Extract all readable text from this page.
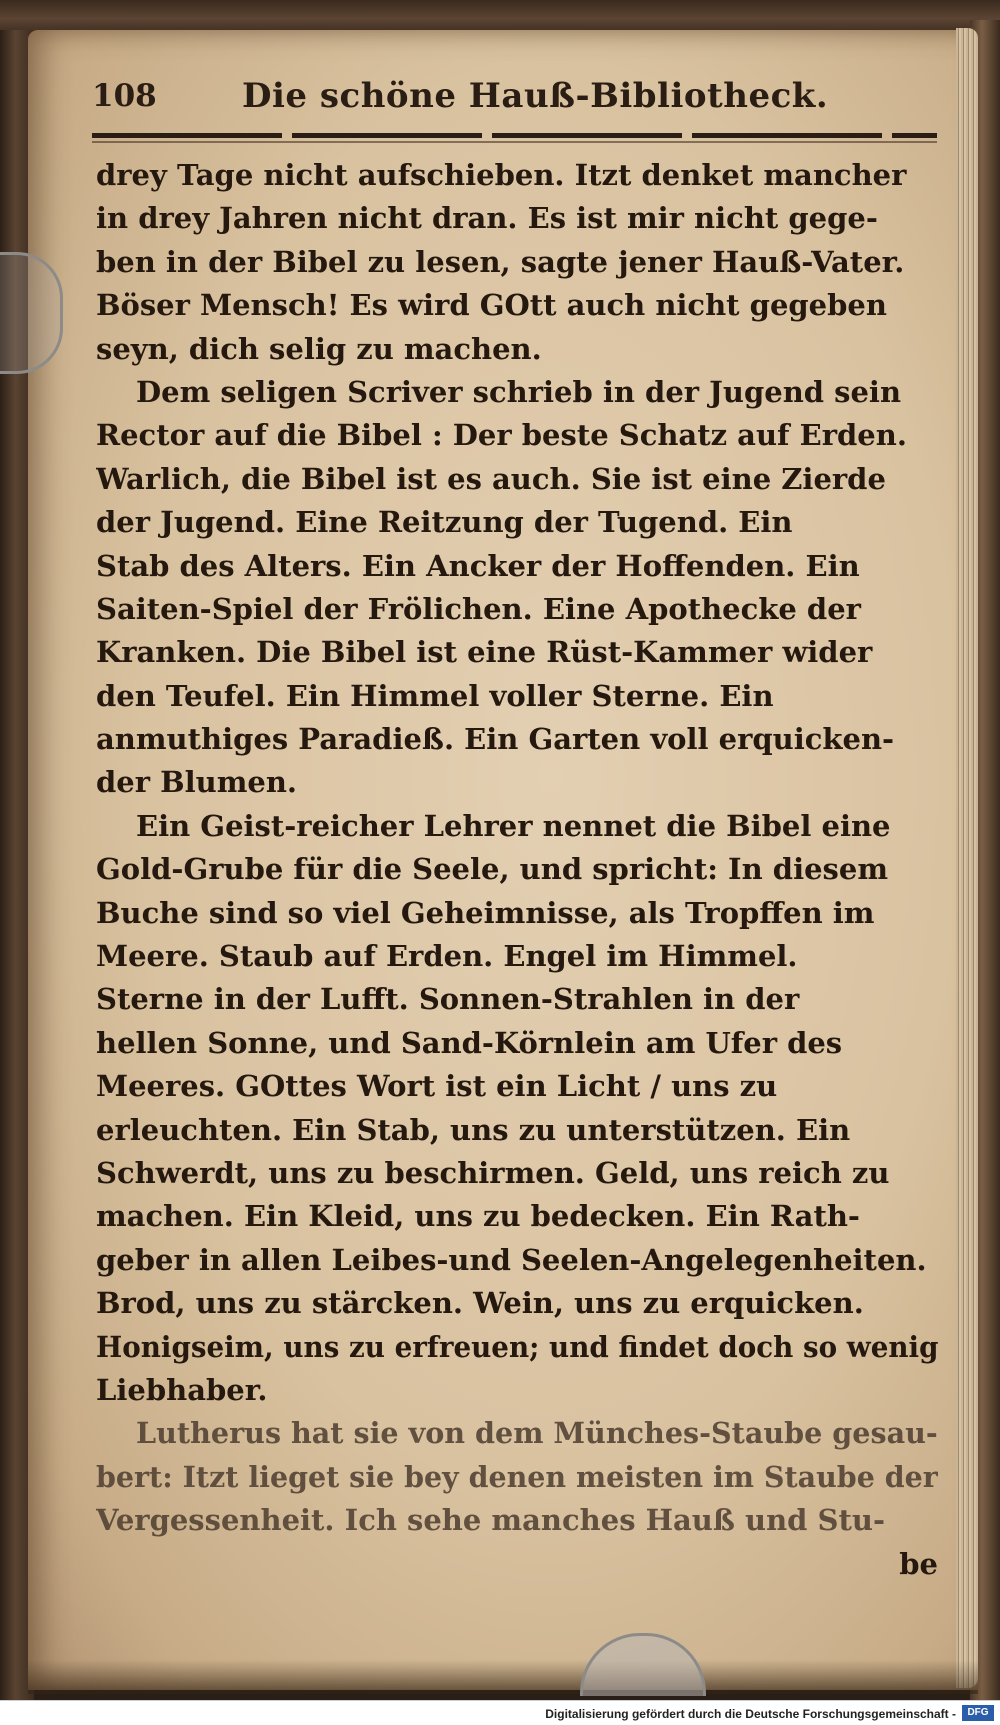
108	Die schöne Hauß-Bibliotheck.
drey Tage nicht aufschieben. Itzt denket mancher
in drey Jahren nicht dran. Es ist mir nicht gege-
ben in der Bibel zu lesen, sagte jener Hauß-Vater.
Böser Mensch! Es wird GOtt auch nicht gegeben
seyn, dich selig zu machen.
Dem seligen Scriver schrieb in der Jugend sein
Rector auf die Bibel : Der beste Schatz auf Erden.
Warlich, die Bibel ist es auch. Sie ist eine Zierde
der Jugend. Eine Reitzung der Tugend. Ein
Stab des Alters. Ein Ancker der Hoffenden. Ein
Saiten-Spiel der Frölichen. Eine Apothecke der
Kranken. Die Bibel ist eine Rüst-Kammer wider
den Teufel. Ein Himmel voller Sterne. Ein
anmuthiges Paradieß. Ein Garten voll erquicken-
der Blumen.
Ein Geist-reicher Lehrer nennet die Bibel eine
Gold-Grube für die Seele, und spricht: In diesem
Buche sind so viel Geheimnisse, als Tropffen im
Meere. Staub auf Erden. Engel im Himmel.
Sterne in der Lufft. Sonnen-Strahlen in der
hellen Sonne, und Sand-Körnlein am Ufer des
Meeres. GOttes Wort ist ein Licht / uns zu
erleuchten. Ein Stab, uns zu unterstützen. Ein
Schwerdt, uns zu beschirmen. Geld, uns reich zu
machen. Ein Kleid, uns zu bedecken. Ein Rath-
geber in allen Leibes-und Seelen-Angelegenheiten.
Brod, uns zu stärcken. Wein, uns zu erquicken.
Honigseim, uns zu erfreuen; und findet doch so wenig
Liebhaber.
Lutherus hat sie von dem Münches-Staube gesau-
bert: Itzt lieget sie bey denen meisten im Staube der
Vergessenheit. Ich sehe manches Hauß und Stu-
be
Digitalisierung gefördert durch die Deutsche Forschungsgemeinschaft -	DFG
